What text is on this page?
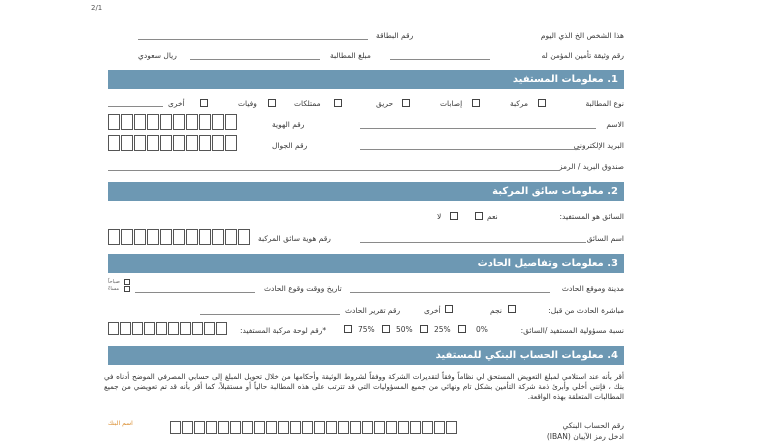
2/1
هذا الشخص الخ الذي اليوم
رقم البطاقة
رقم وثيقة تأمين المؤمن له
مبلغ المطالبة
ريال سعودي
1. معلومات المستفيد
نوع المطالبة
أخرى	وفيات	ممتلكات	حريق	إصابات	مركبة
الاسم
رقم الهوية
البريد الإلكتروني
رقم الجوال
صندوق البريد / الرمز
2. معلومات سائق المركبة
السائق هو المستفيد:
نعم
لا
اسم السائق
رقم هوية سائق المركبة
3. معلومات وتفاصيل الحادث
مدينة وموقع الحادث
تاريخ ووقت وقوع الحادث
صباحاً
مساءً
مباشرة الحادث من قبل:
نجم
أخرى
رقم تقرير الحادث
نسبة مسؤولية المستفيد /السائق:
0%
25%
50%
75%
*رقم لوحة مركبة المستفيد:
4. معلومات الحساب البنكي للمستفيد
أقر بأنه عند استلامي لمبلغ التعويض المستحق لي نظاماً وفقاً لتقديرات الشركة ووفقاً لشروط الوثيقة وأحكامها من خلال تحويل المبلغ إلى حسابي المصرفي الموضح أدناه في بنك ، فإنني أخلي وأبرئ ذمة شركة التأمين بشكل تام ونهائي من جميع المسؤوليات التي قد تترتب على هذه المطالبة حالياً أو مستقبلاً، كما أقر بأنه قد تم تعويضي من جميع المطالبات المتعلقة بهذه الواقعة.
اسم البنك	رقم الحساب البنكي
ادخل رمز الآيبان (IBAN)
